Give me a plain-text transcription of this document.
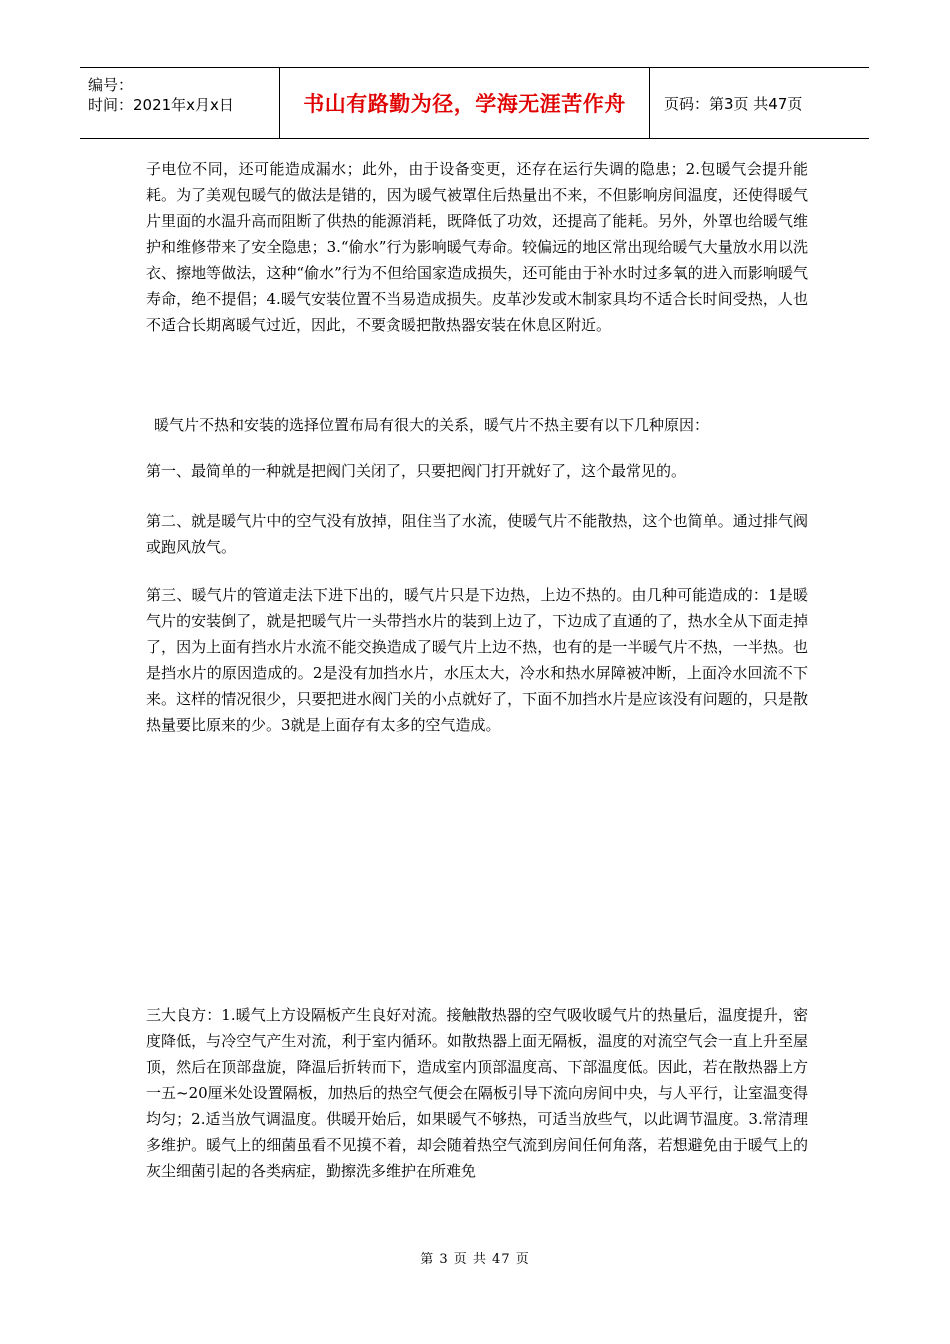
编号：
时间：2021年x月x日	书山有路勤为径，学海无涯苦作舟	页码：第3页 共47页

子电位不同，还可能造成漏水；此外，由于设备变更，还存在运行失调的隐患；2.包暖气会提升能耗。为了美观包暖气的做法是错的，因为暖气被罩住后热量出不来，不但影响房间温度，还使得暖气片里面的水温升高而阻断了供热的能源消耗，既降低了功效，还提高了能耗。另外，外罩也给暖气维护和维修带来了安全隐患；3.“偷水”行为影响暖气寿命。较偏远的地区常出现给暖气大量放水用以洗衣、擦地等做法，这种“偷水”行为不但给国家造成损失，还可能由于补水时过多氧的进入而影响暖气寿命，绝不提倡；4.暖气安装位置不当易造成损失。皮革沙发或木制家具均不适合长时间受热，人也不适合长期离暖气过近，因此，不要贪暖把散热器安装在休息区附近。

暖气片不热和安装的选择位置布局有很大的关系，暖气片不热主要有以下几种原因：

第一、最简单的一种就是把阀门关闭了，只要把阀门打开就好了，这个最常见的。

第二、就是暖气片中的空气没有放掉，阻住当了水流，使暖气片不能散热，这个也简单。通过排气阀或跑风放气。

第三、暖气片的管道走法下进下出的，暖气片只是下边热，上边不热的。由几种可能造成的：1是暖气片的安装倒了，就是把暖气片一头带挡水片的装到上边了，下边成了直通的了，热水全从下面走掉了，因为上面有挡水片水流不能交换造成了暖气片上边不热，也有的是一半暖气片不热，一半热。也是挡水片的原因造成的。2是没有加挡水片，水压太大，冷水和热水屏障被冲断，上面冷水回流不下来。这样的情况很少，只要把进水阀门关的小点就好了，下面不加挡水片是应该没有问题的，只是散热量要比原来的少。3就是上面存有太多的空气造成。

三大良方：1.暖气上方设隔板产生良好对流。接触散热器的空气吸收暖气片的热量后，温度提升，密度降低，与冷空气产生对流，利于室内循环。如散热器上面无隔板，温度的对流空气会一直上升至屋顶，然后在顶部盘旋，降温后折转而下，造成室内顶部温度高、下部温度低。因此，若在散热器上方一五~20厘米处设置隔板，加热后的热空气便会在隔板引导下流向房间中央，与人平行，让室温变得均匀；2.适当放气调温度。供暖开始后，如果暖气不够热，可适当放些气，以此调节温度。3.常清理多维护。暖气上的细菌虽看不见摸不着，却会随着热空气流到房间任何角落，若想避免由于暖气上的灰尘细菌引起的各类病症，勤擦洗多维护在所难免

第 3 页 共 47 页
